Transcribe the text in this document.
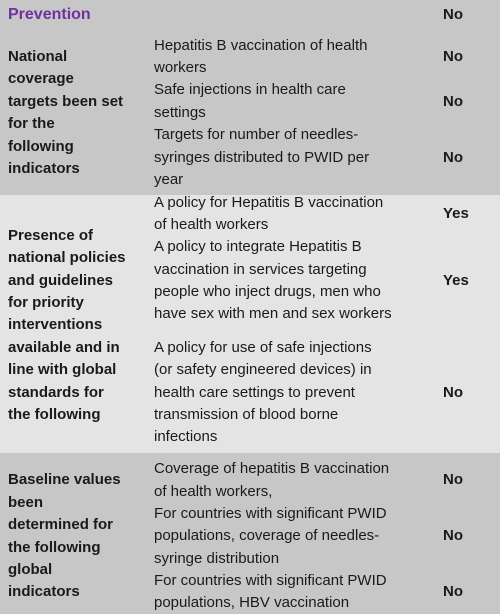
Prevention	No
National
coverage
targets been set
for the
following
indicators
Hepatitis B vaccination of health
workers
No
Safe injections in health care
settings
No
Targets for number of needles-
syringes distributed to PWID per
year
No
Presence of
national policies
and guidelines
for priority
interventions
available and in
line with global
standards for
the following
A policy for Hepatitis B vaccination
of health workers
Yes
A policy to integrate Hepatitis B
vaccination in services targeting
people who inject drugs, men who
have sex with men and sex workers
Yes
A policy for use of safe injections
(or safety engineered devices) in
health care settings to prevent
transmission of blood borne
infections
No
Baseline values
been
determined for
the following
global
indicators
Coverage of hepatitis B vaccination
of health workers,
No
For countries with significant PWID
populations, coverage of needles-
syringe distribution
No
For countries with significant PWID
populations, HBV vaccination
No
